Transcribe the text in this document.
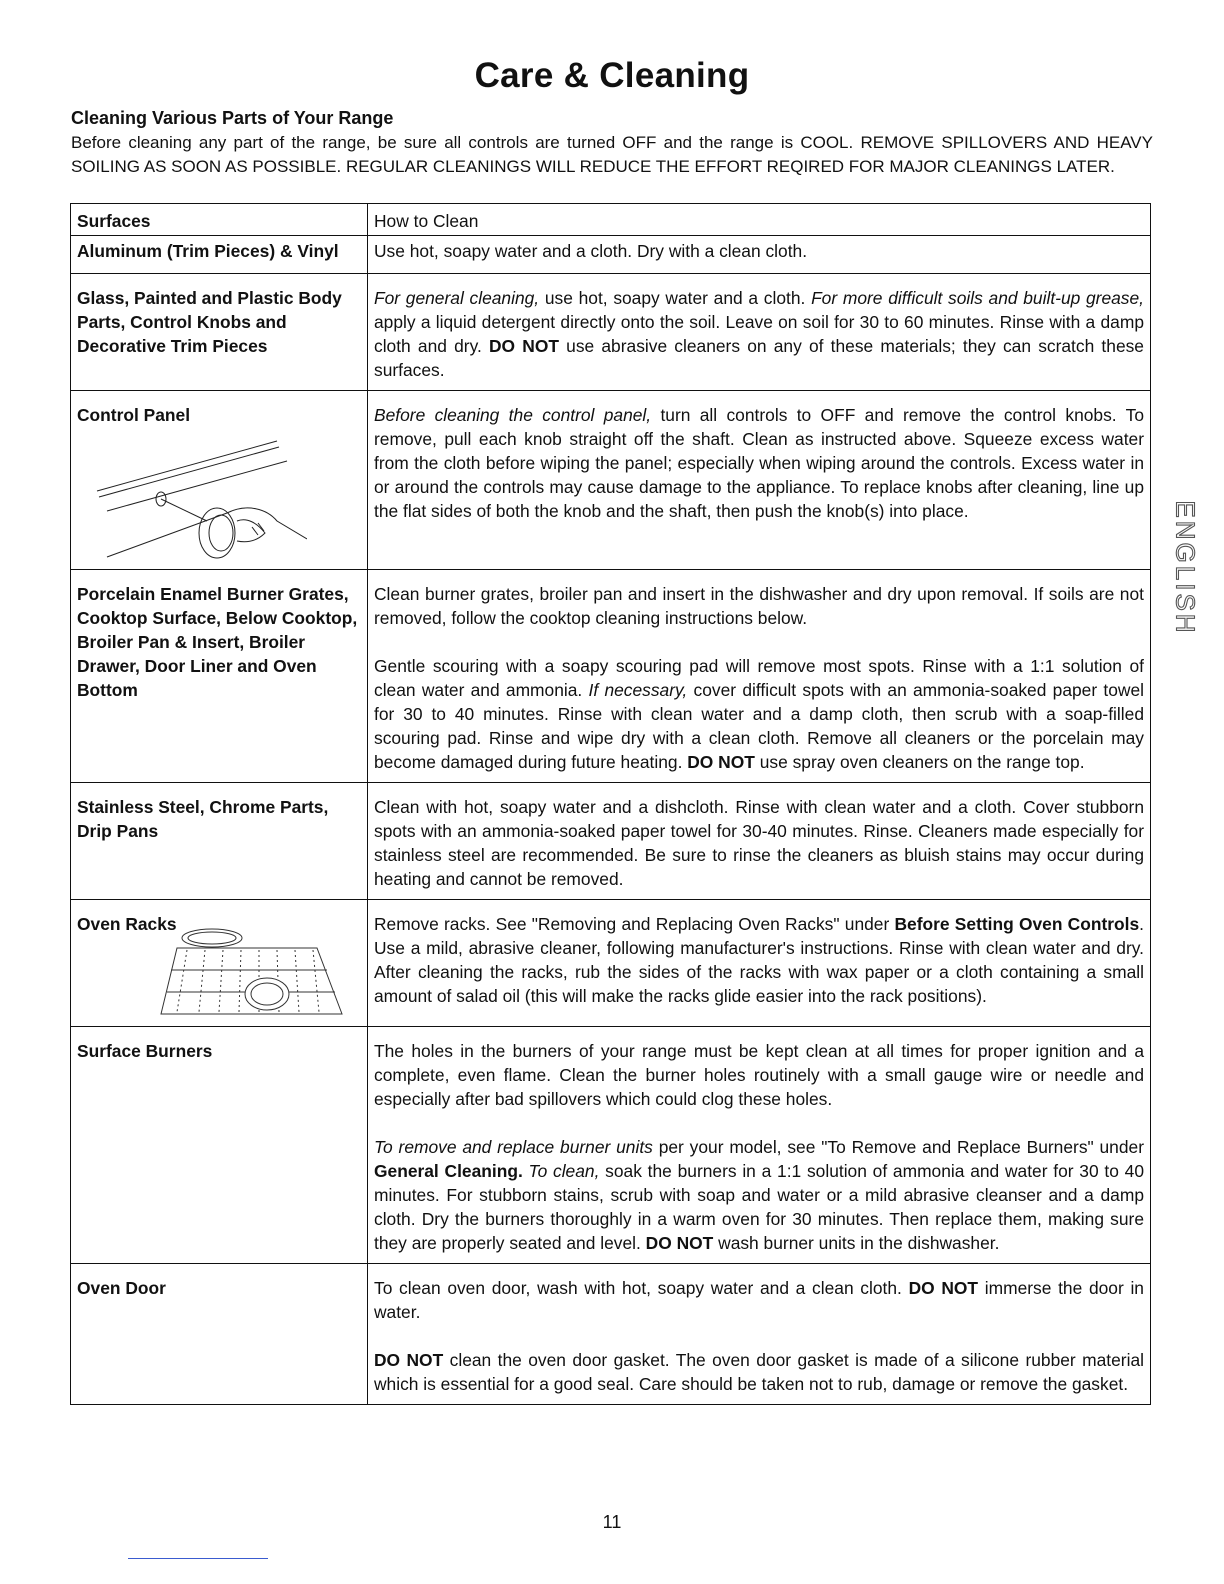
Care & Cleaning
Cleaning Various Parts of Your Range
Before cleaning any part of the range, be sure all controls are turned OFF and the range is COOL. REMOVE SPILLOVERS AND HEAVY SOILING AS SOON AS POSSIBLE. REGULAR CLEANINGS WILL REDUCE THE EFFORT REQIRED FOR MAJOR CLEANINGS LATER.
Surfaces	How to Clean
Aluminum (Trim Pieces) & Vinyl	Use hot, soapy water and a cloth. Dry with a clean cloth.

Glass, Painted and Plastic Body Parts, Control Knobs and Decorative Trim Pieces	For general cleaning, use hot, soapy water and a cloth. For more difficult soils and built-up grease, apply a liquid detergent directly onto the soil. Leave on soil for 30 to 60 minutes. Rinse with a damp cloth and dry. DO NOT use abrasive cleaners on any of these materials; they can scratch these surfaces.

Control Panel	Before cleaning the control panel, turn all controls to OFF and remove the control knobs. To remove, pull each knob straight off the shaft. Clean as instructed above. Squeeze excess water from the cloth before wiping the panel; especially when wiping around the controls. Excess water in or around the controls may cause damage to the appliance. To replace knobs after cleaning, line up the flat sides of both the knob and the shaft, then push the knob(s) into place.

Porcelain Enamel Burner Grates, Cooktop Surface, Below Cooktop, Broiler Pan & Insert, Broiler Drawer, Door Liner and Oven Bottom	Clean burner grates, broiler pan and insert in the dishwasher and dry upon removal. If soils are not removed, follow the cooktop cleaning instructions below.

Gentle scouring with a soapy scouring pad will remove most spots. Rinse with a 1:1 solution of clean water and ammonia. If necessary, cover difficult spots with an ammonia-soaked paper towel for 30 to 40 minutes. Rinse with clean water and a damp cloth, then scrub with a soap-filled scouring pad. Rinse and wipe dry with a clean cloth. Remove all cleaners or the porcelain may become damaged during future heating. DO NOT use spray oven cleaners on the range top.

Stainless Steel, Chrome Parts, Drip Pans	Clean with hot, soapy water and a dishcloth. Rinse with clean water and a cloth. Cover stubborn spots with an ammonia-soaked paper towel for 30-40 minutes. Rinse. Cleaners made especially for stainless steel are recommended. Be sure to rinse the cleaners as bluish stains may occur during heating and cannot be removed.

Oven Racks	Remove racks. See "Removing and Replacing Oven Racks" under Before Setting Oven Controls. Use a mild, abrasive cleaner, following manufacturer's instructions. Rinse with clean water and dry. After cleaning the racks, rub the sides of the racks with wax paper or a cloth containing a small amount of salad oil (this will make the racks glide easier into the rack positions).

Surface Burners	The holes in the burners of your range must be kept clean at all times for proper ignition and a complete, even flame. Clean the burner holes routinely with a small gauge wire or needle and especially after bad spillovers which could clog these holes.

To remove and replace burner units per your model, see "To Remove and Replace Burners" under General Cleaning. To clean, soak the burners in a 1:1 solution of ammonia and water for 30 to 40 minutes. For stubborn stains, scrub with soap and water or a mild abrasive cleanser and a damp cloth. Dry the burners thoroughly in a warm oven for 30 minutes. Then replace them, making sure they are properly seated and level. DO NOT wash burner units in the dishwasher.

Oven Door	To clean oven door, wash with hot, soapy water and a clean cloth. DO NOT immerse the door in water.

DO NOT clean the oven door gasket. The oven door gasket is made of a silicone rubber material which is essential for a good seal. Care should be taken not to rub, damage or remove the gasket.

ENGLISH
11
